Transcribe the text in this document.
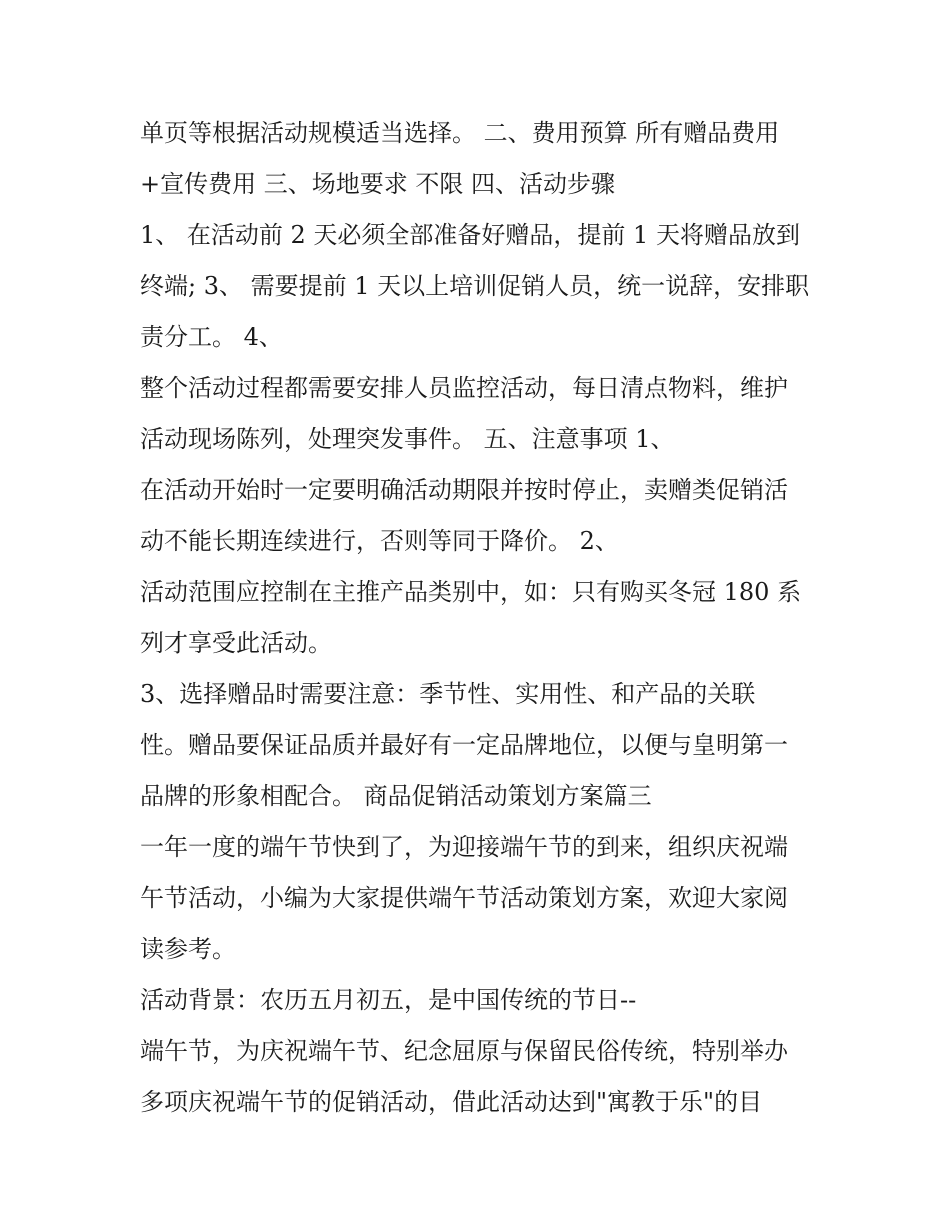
单页等根据活动规模适当选择。 二、费用预算 所有赠品费用
+宣传费用 三、场地要求 不限 四、活动步骤
1、 在活动前 2 天必须全部准备好赠品，提前 1 天将赠品放到
终端; 3、 需要提前 1 天以上培训促销人员，统一说辞，安排职
责分工。 4、
整个活动过程都需要安排人员监控活动，每日清点物料，维护
活动现场陈列，处理突发事件。 五、注意事项 1、
在活动开始时一定要明确活动期限并按时停止，卖赠类促销活
动不能长期连续进行，否则等同于降价。 2、
活动范围应控制在主推产品类别中，如：只有购买冬冠 180 系
列才享受此活动。
3、选择赠品时需要注意：季节性、实用性、和产品的关联
性。赠品要保证品质并最好有一定品牌地位，以便与皇明第一
品牌的形象相配合。 商品促销活动策划方案篇三
一年一度的端午节快到了，为迎接端午节的到来，组织庆祝端
午节活动，小编为大家提供端午节活动策划方案，欢迎大家阅
读参考。
活动背景：农历五月初五，是中国传统的节日--
端午节，为庆祝端午节、纪念屈原与保留民俗传统，特别举办
多项庆祝端午节的促销活动，借此活动达到"寓教于乐"的目
